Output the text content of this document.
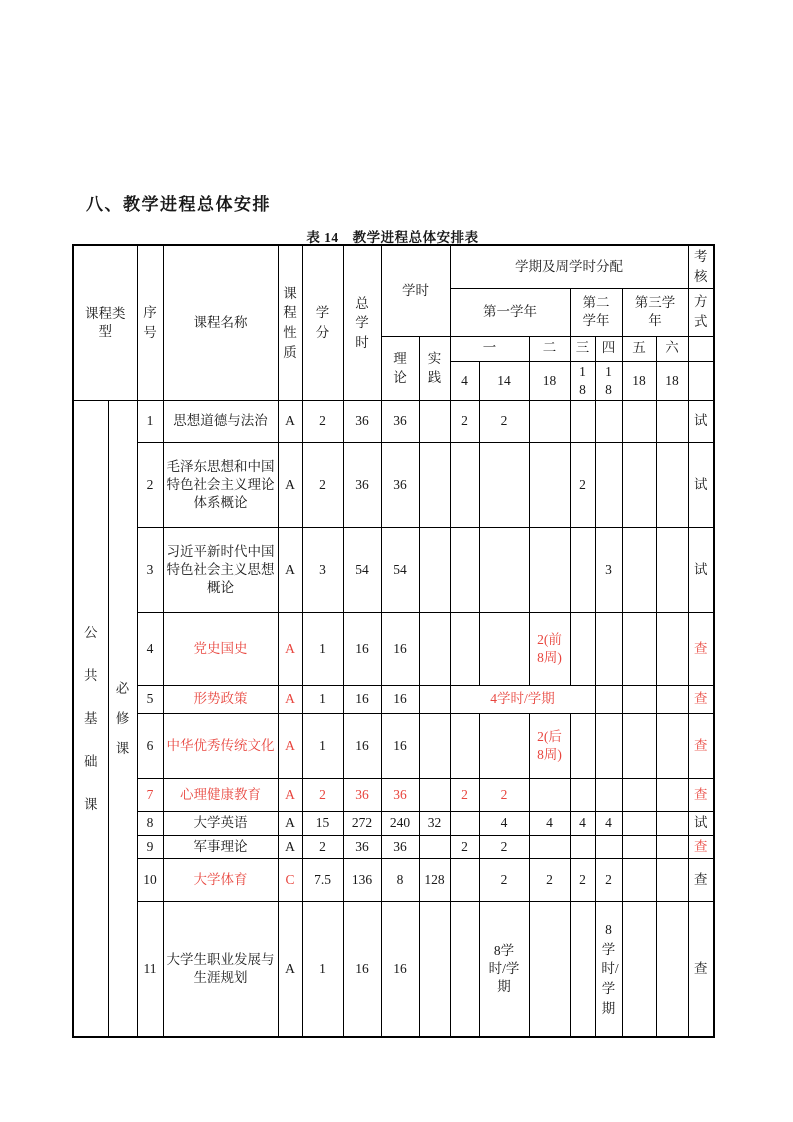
八、教学进程总体安排
表 14　教学进程总体安排表
课程类型		序号	课程名称	课程性质	学分	总学时	学时		学期及周学时分配							考核
									第一学年			第二学年		第三学年		方式
							理论	实践	一		二	三	四	五	六	
									4	14	18	18	18	18	18	
公共基础课	必修课	1	思想道德与法治	A	2	36	36		2	2						试
		2	毛泽东思想和中国特色社会主义理论体系概论	A	2	36	36					2				试
		3	习近平新时代中国特色社会主义思想概论	A	3	54	54						3			试
		4	党史国史	A	1	16	16				2(前8周)					查
		5	形势政策	A	1	16	16		4学时/学期							查
		6	中华优秀传统文化	A	1	16	16				2(后8周)					查
		7	心理健康教育	A	2	36	36		2	2						查
		8	大学英语	A	15	272	240	32		4	4	4	4			试
		9	军事理论	A	2	36	36		2	2						查
		10	大学体育	C	7.5	136	8	128		2	2	2	2			查
		11	大学生职业发展与生涯规划	A	1	16	16			8学时/学期			8学时/学期			查
